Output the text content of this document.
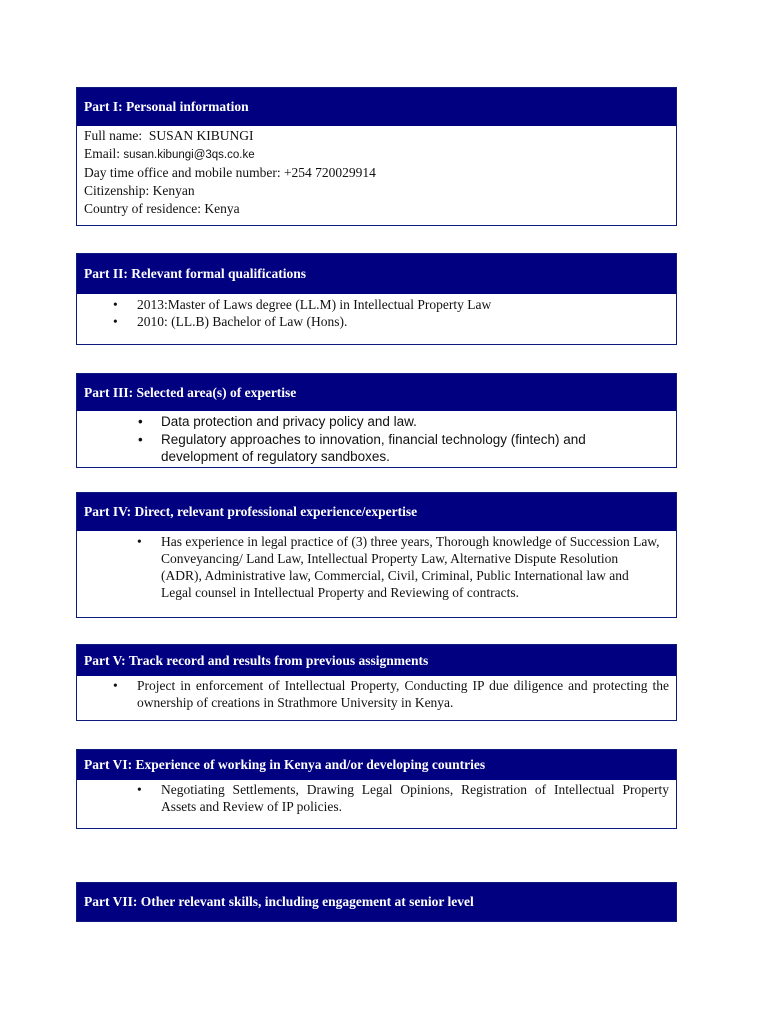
Part I: Personal information
Full name: SUSAN KIBUNGI
Email: susan.kibungi@3qs.co.ke
Day time office and mobile number: +254 720029914
Citizenship: Kenyan
Country of residence: Kenya
Part II: Relevant formal qualifications
• 2013:Master of Laws degree (LL.M) in Intellectual Property Law
• 2010: (LL.B) Bachelor of Law (Hons).
Part III: Selected area(s) of expertise
• Data protection and privacy policy and law.
• Regulatory approaches to innovation, financial technology (fintech) and development of regulatory sandboxes.
Part IV: Direct, relevant professional experience/expertise
• Has experience in legal practice of (3) three years, Thorough knowledge of Succession Law, Conveyancing/ Land Law, Intellectual Property Law, Alternative Dispute Resolution (ADR), Administrative law, Commercial, Civil, Criminal, Public International law and Legal counsel in Intellectual Property and Reviewing of contracts.
Part V: Track record and results from previous assignments
• Project in enforcement of Intellectual Property, Conducting IP due diligence and protecting the ownership of creations in Strathmore University in Kenya.
Part VI: Experience of working in Kenya and/or developing countries
• Negotiating Settlements, Drawing Legal Opinions, Registration of Intellectual Property Assets and Review of IP policies.
Part VII: Other relevant skills, including engagement at senior level
